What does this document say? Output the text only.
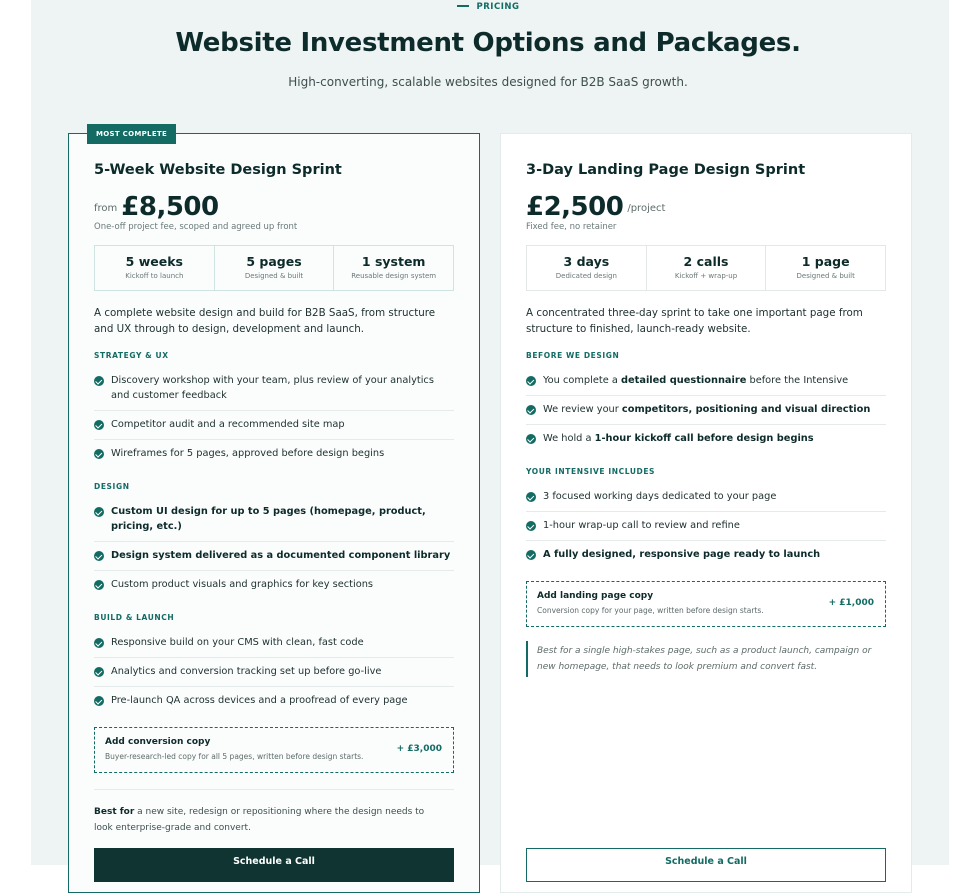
PRICING
Website Investment Options and Packages.
High-converting, scalable websites designed for B2B SaaS growth.
MOST COMPLETE
5-Week Website Design Sprint
$^{from}$ £8,500
One-off project fee, scoped and agreed up front
5 weeks
Kickoff to launch
5 pages
Designed & built
1 system
Reusable design system
A complete website design and build for B2B SaaS, from structure and UX through to design, development and launch.
STRATEGY & UX
Discovery workshop with your team, plus review of your analytics and customer feedback
Competitor audit and a recommended site map
Wireframes for 5 pages, approved before design begins
DESIGN
Custom UI design for up to 5 pages (homepage, product, pricing, etc.)
Design system delivered as a documented component library
Custom product visuals and graphics for key sections
BUILD & LAUNCH
Responsive build on your CMS with clean, fast code
Analytics and conversion tracking set up before go-live
Pre-launch QA across devices and a proofread of every page
Add conversion copy
Buyer-research-led copy for all 5 pages, written before design starts.
+ £3,000
Best for a new site, redesign or repositioning where the design needs to look enterprise-grade and convert.
Schedule a Call
3-Day Landing Page Design Sprint
£2,500 $^{/project}$
Fixed fee, no retainer
3 days
Dedicated design
2 calls
Kickoff + wrap-up
1 page
Designed & built
A concentrated three-day sprint to take one important page from structure to finished, launch-ready website.
BEFORE WE DESIGN
You complete a detailed questionnaire before the Intensive
We review your competitors, positioning and visual direction
We hold a 1-hour kickoff call before design begins
YOUR INTENSIVE INCLUDES
3 focused working days dedicated to your page
1-hour wrap-up call to review and refine
A fully designed, responsive page ready to launch
Add landing page copy
Conversion copy for your page, written before design starts.
+ £1,000
Best for a single high-stakes page, such as a product launch, campaign or new homepage, that needs to look premium and convert fast.
Schedule a Call
